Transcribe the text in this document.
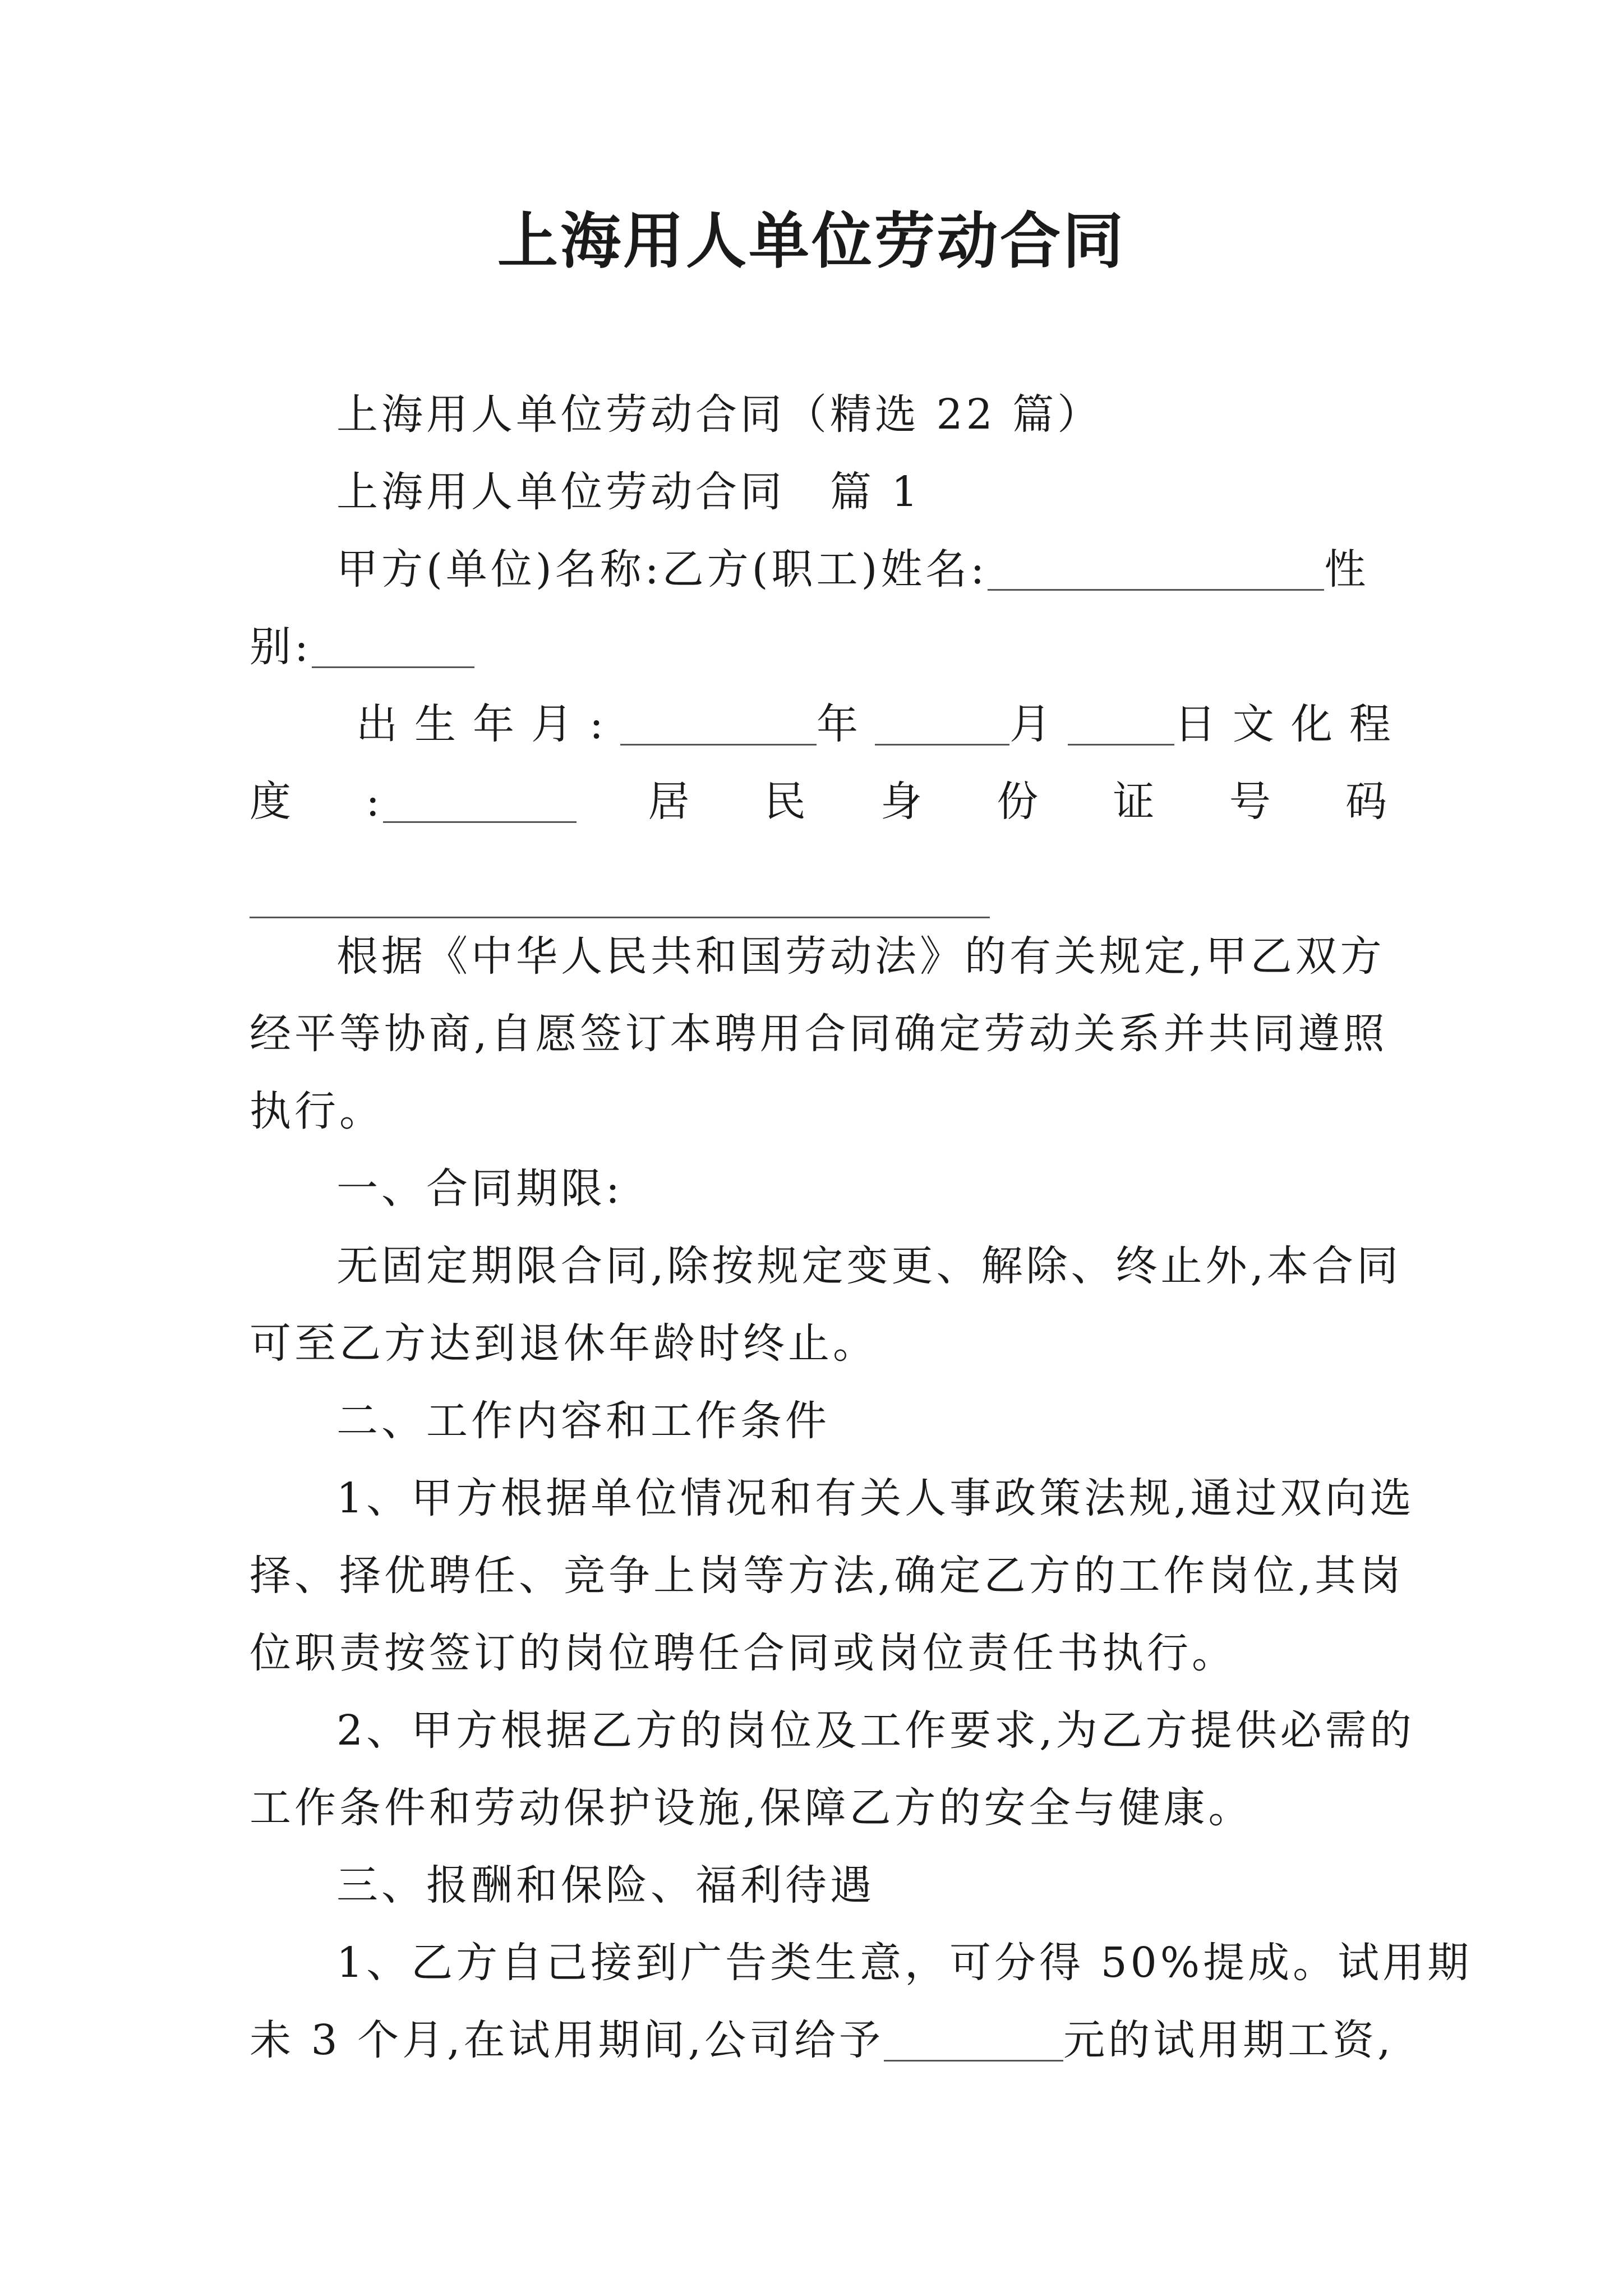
上海用人单位劳动合同
上海用人单位劳动合同（精选 22 篇）
上海用人单位劳动合同　篇 1
甲方(单位)名称:乙方(职工)姓名:	性
别:
出生年月:	年	月	日文化程
度 :	居 民 身 份 证 号 码
根据《中华人民共和国劳动法》的有关规定,甲乙双方
经平等协商,自愿签订本聘用合同确定劳动关系并共同遵照
执行。
一、合同期限:
无固定期限合同,除按规定变更、解除、终止外,本合同
可至乙方达到退休年龄时终止。
二、工作内容和工作条件
1、甲方根据单位情况和有关人事政策法规,通过双向选
择、择优聘任、竞争上岗等方法,确定乙方的工作岗位,其岗
位职责按签订的岗位聘任合同或岗位责任书执行。
2、甲方根据乙方的岗位及工作要求,为乙方提供必需的
工作条件和劳动保护设施,保障乙方的安全与健康。
三、报酬和保险、福利待遇
1、乙方自己接到广告类生意，可分得 50%提成。试用期
未 3 个月,在试用期间,公司给予	元的试用期工资,
